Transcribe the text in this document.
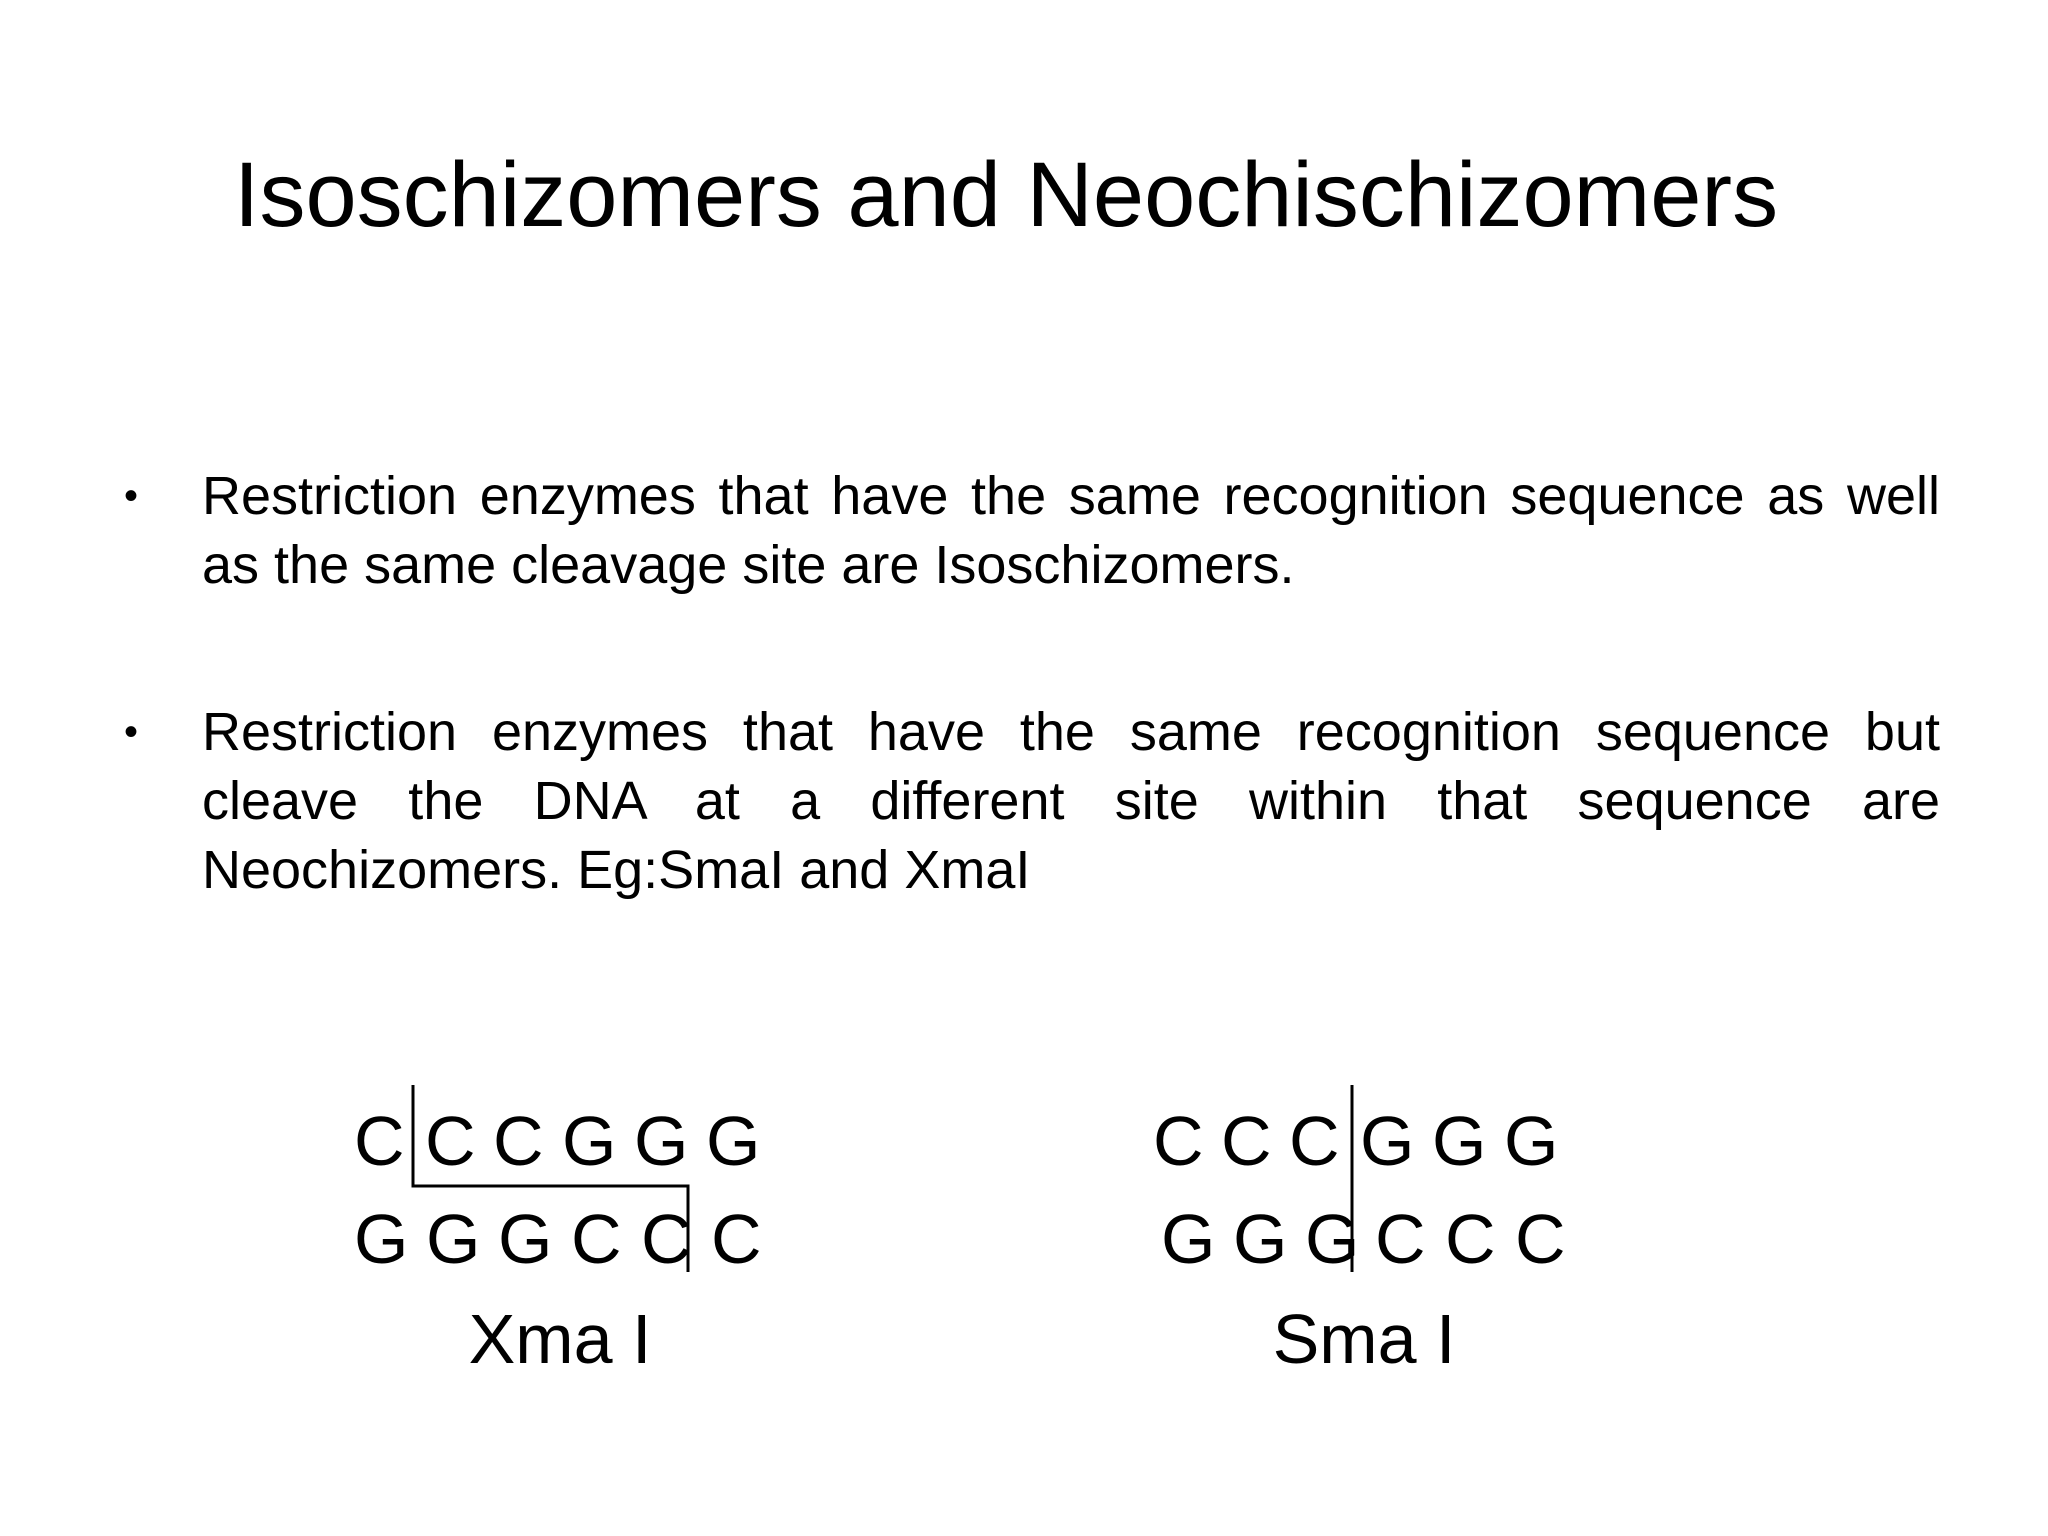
Isoschizomers and Neochischizomers
•	Restriction enzymes that have the same recognition sequence as well as the same cleavage site are Isoschizomers.
•	Restriction enzymes that have the same recognition sequence but cleave the DNA at a different site within that sequence are Neochizomers. Eg:SmaI and XmaI
C C C G G G
G G G C C C
Xma I
C C C G G G
G G G C C C
Sma I
